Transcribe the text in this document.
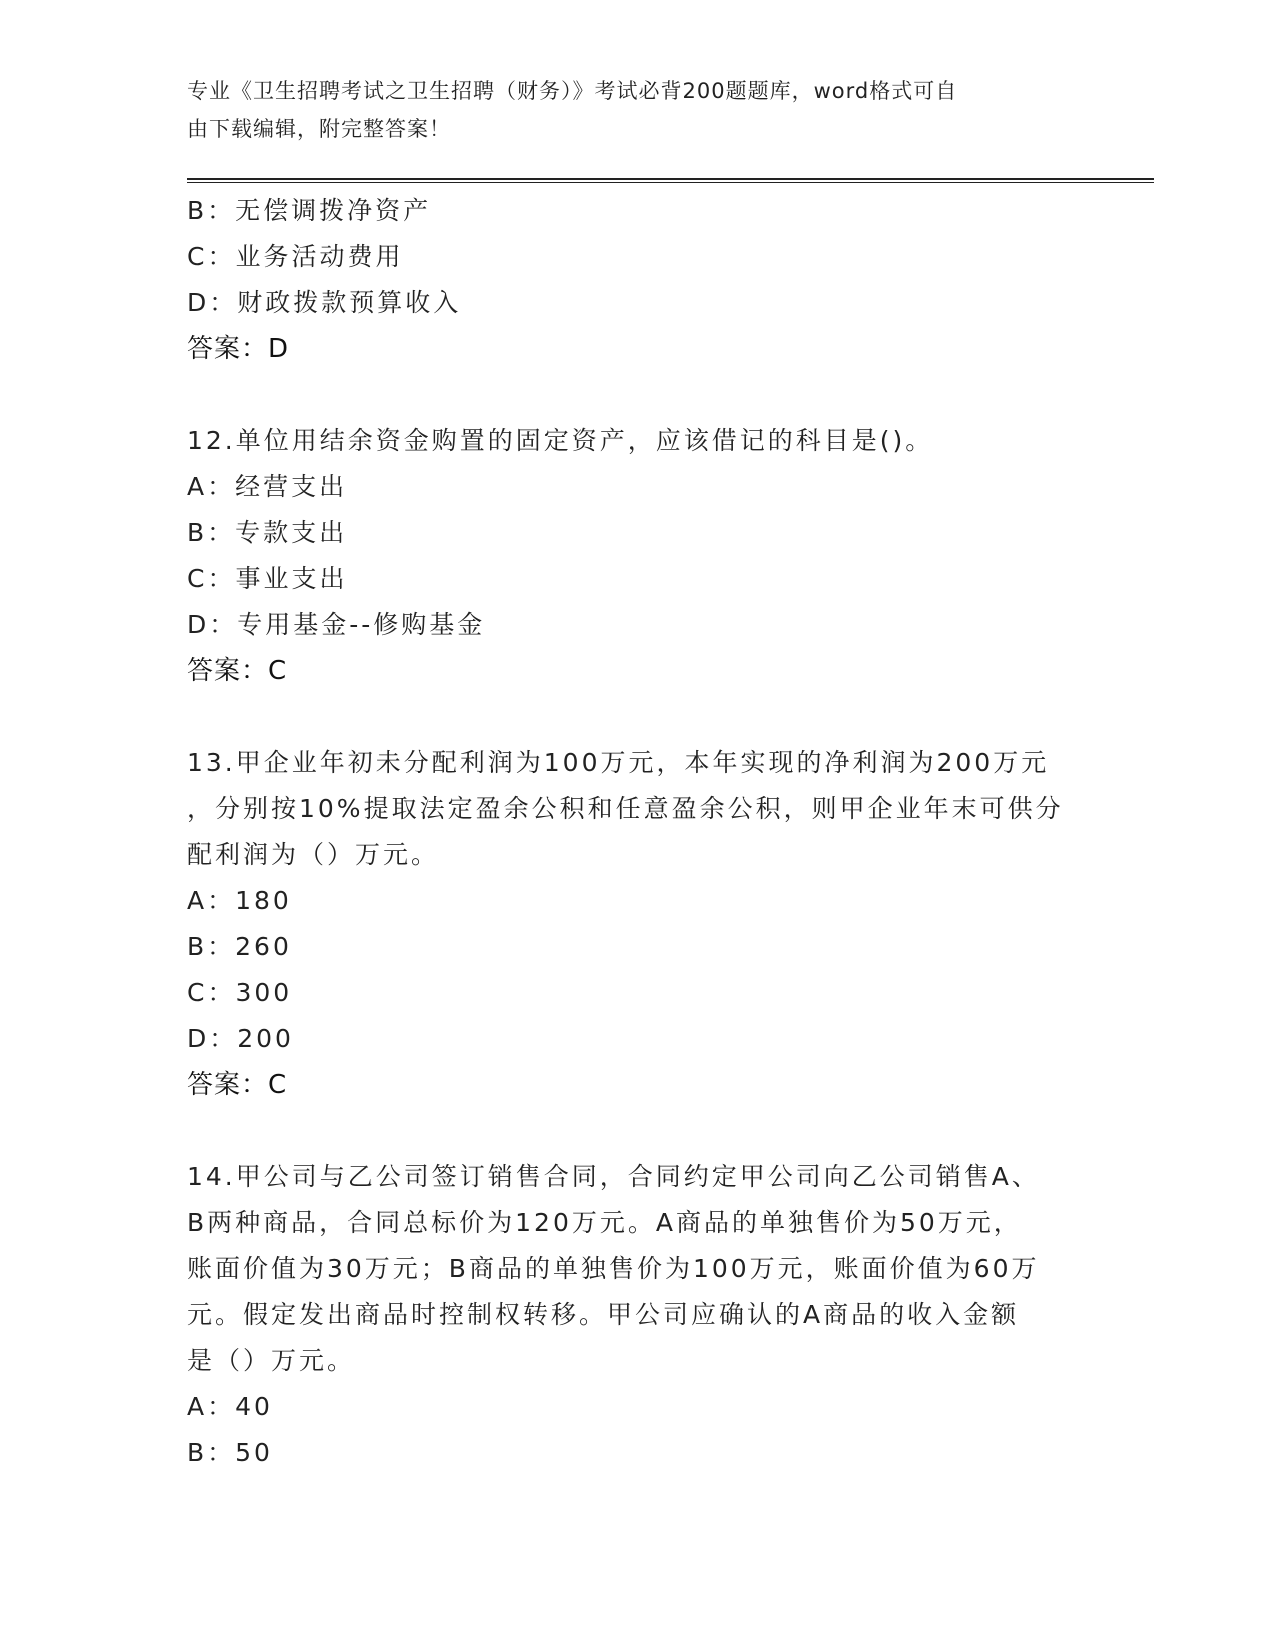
专业《卫生招聘考试之卫生招聘（财务）》考试必背200题题库，word格式可自
由下载编辑，附完整答案！
B：无偿调拨净资产
C：业务活动费用
D：财政拨款预算收入
答案：D
12.单位用结余资金购置的固定资产，应该借记的科目是()。
A：经营支出
B：专款支出
C：事业支出
D：专用基金--修购基金
答案：C
13.甲企业年初未分配利润为100万元，本年实现的净利润为200万元
，分别按10%提取法定盈余公积和任意盈余公积，则甲企业年末可供分
配利润为（）万元。
A：180
B：260
C：300
D：200
答案：C
14.甲公司与乙公司签订销售合同，合同约定甲公司向乙公司销售A、
B两种商品，合同总标价为120万元。A商品的单独售价为50万元，
账面价值为30万元；B商品的单独售价为100万元，账面价值为60万
元。假定发出商品时控制权转移。甲公司应确认的A商品的收入金额
是（）万元。
A：40
B：50
